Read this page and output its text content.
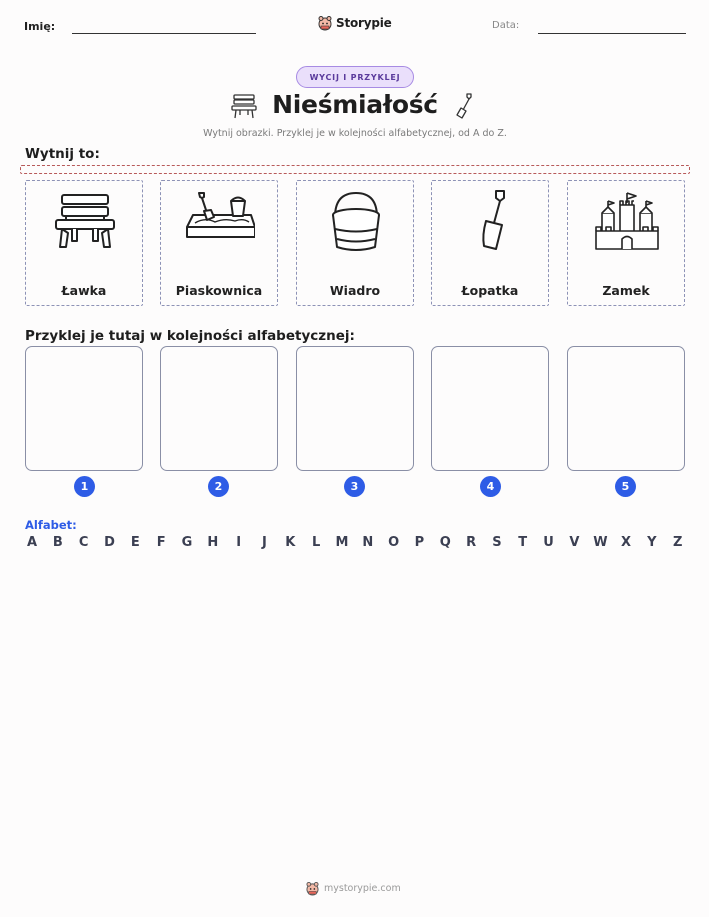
Imię:	Storypie	Data:
WYCIJ I PRZYKLEJ
Nieśmiałość
Wytnij obrazki. Przyklej je w kolejności alfabetycznej, od A do Z.
Wytnij to:
Ławka	Piaskownica	Wiadro	Łopatka	Zamek
Przyklej je tutaj w kolejności alfabetycznej:
1	2	3	4	5
Alfabet:
A B C D E F G H	I	J	K L M N O P Q R S T U V W X Y Z
mystorypie.com
